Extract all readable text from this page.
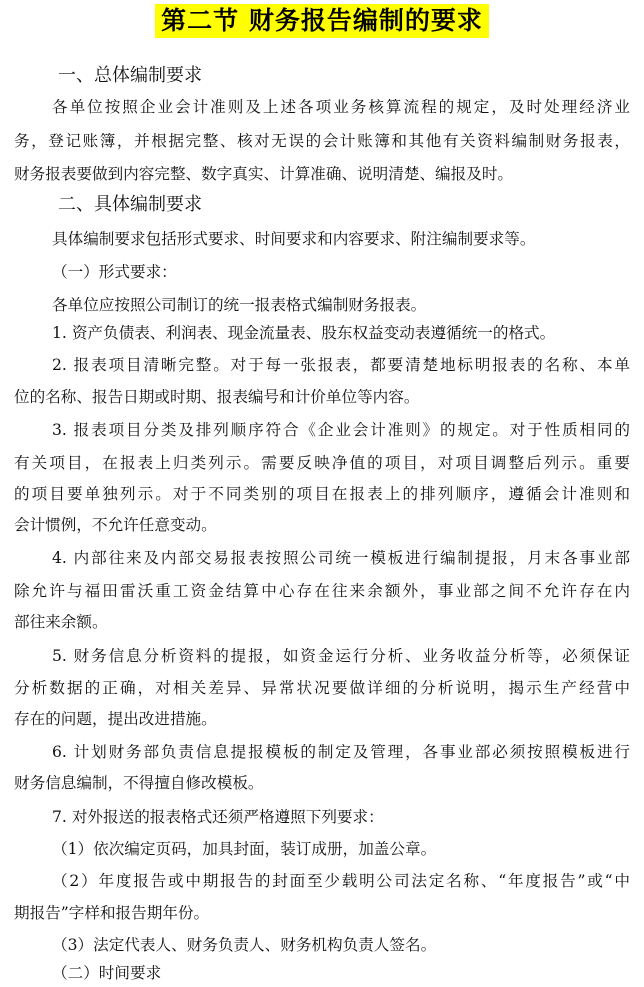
第二节 财务报告编制的要求
一、总体编制要求
各单位按照企业会计准则及上述各项业务核算流程的规定，及时处理经济业
务，登记账簿，并根据完整、核对无误的会计账簿和其他有关资料编制财务报表，
财务报表要做到内容完整、数字真实、计算准确、说明清楚、编报及时。
二、具体编制要求
具体编制要求包括形式要求、时间要求和内容要求、附注编制要求等。
（一）形式要求：
各单位应按照公司制订的统一报表格式编制财务报表。
1. 资产负债表、利润表、现金流量表、股东权益变动表遵循统一的格式。
2. 报表项目清晰完整。对于每一张报表，都要清楚地标明报表的名称、本单
位的名称、报告日期或时期、报表编号和计价单位等内容。
3. 报表项目分类及排列顺序符合《企业会计准则》的规定。对于性质相同的
有关项目，在报表上归类列示。需要反映净值的项目，对项目调整后列示。重要
的项目要单独列示。对于不同类别的项目在报表上的排列顺序，遵循会计准则和
会计惯例，不允许任意变动。
4. 内部往来及内部交易报表按照公司统一模板进行编制提报，月末各事业部
除允许与福田雷沃重工资金结算中心存在往来余额外，事业部之间不允许存在内
部往来余额。
5. 财务信息分析资料的提报，如资金运行分析、业务收益分析等，必须保证
分析数据的正确，对相关差异、异常状况要做详细的分析说明，揭示生产经营中
存在的问题，提出改进措施。
6. 计划财务部负责信息提报模板的制定及管理，各事业部必须按照模板进行
财务信息编制，不得擅自修改模板。
7. 对外报送的报表格式还须严格遵照下列要求：
（1）依次编定页码，加具封面，装订成册，加盖公章。
（2）年度报告或中期报告的封面至少载明公司法定名称、“年度报告”或“中
期报告”字样和报告期年份。
（3）法定代表人、财务负责人、财务机构负责人签名。
（二）时间要求
